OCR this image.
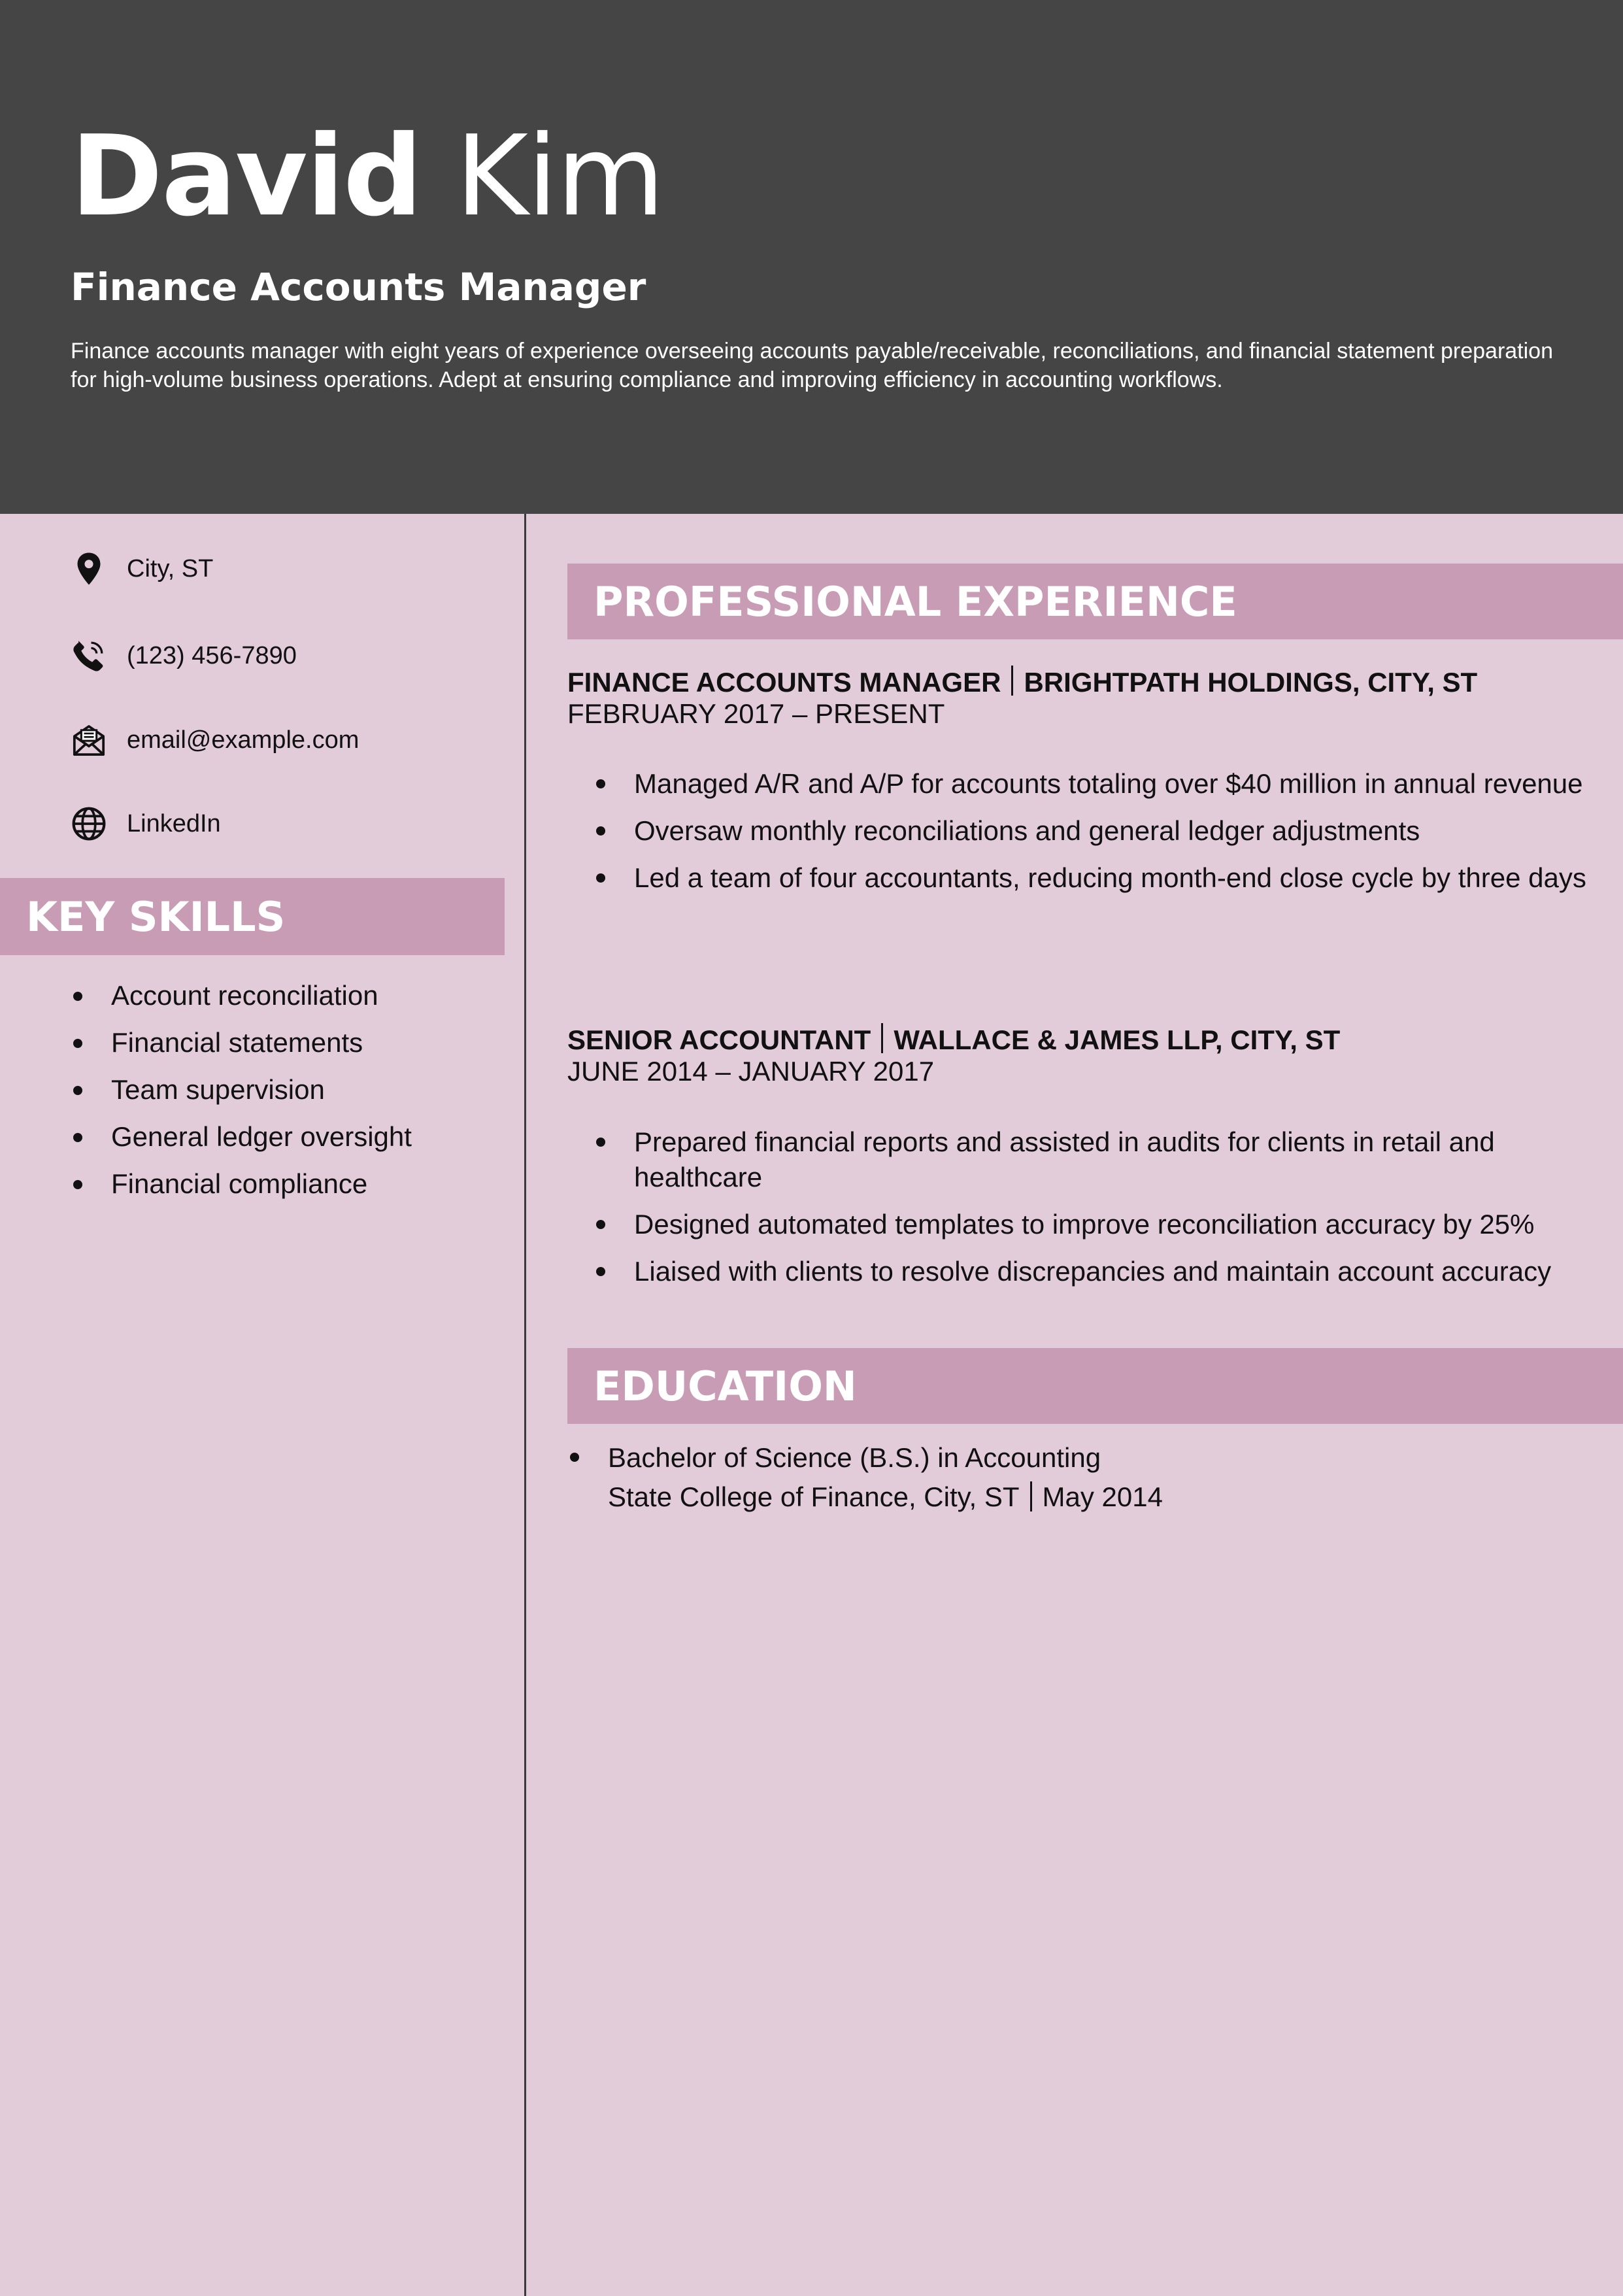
David Kim
Finance Accounts Manager
Finance accounts manager with eight years of experience overseeing accounts payable/receivable, reconciliations, and financial statement preparation for high-volume business operations. Adept at ensuring compliance and improving efficiency in accounting workflows.
City, ST
(123) 456-7890
email@example.com
LinkedIn
KEY SKILLS
Account reconciliation
Financial statements
Team supervision
General ledger oversight
Financial compliance
PROFESSIONAL EXPERIENCE
FINANCE ACCOUNTS MANAGER BRIGHTPATH HOLDINGS, CITY, ST
FEBRUARY 2017 – PRESENT
Managed A/R and A/P for accounts totaling over $40 million in annual revenue
Oversaw monthly reconciliations and general ledger adjustments
Led a team of four accountants, reducing month-end close cycle by three days
SENIOR ACCOUNTANT WALLACE & JAMES LLP, CITY, ST
JUNE 2014 – JANUARY 2017
Prepared financial reports and assisted in audits for clients in retail and healthcare
Designed automated templates to improve reconciliation accuracy by 25%
Liaised with clients to resolve discrepancies and maintain account accuracy
EDUCATION
Bachelor of Science (B.S.) in Accounting
State College of Finance, City, ST May 2014
